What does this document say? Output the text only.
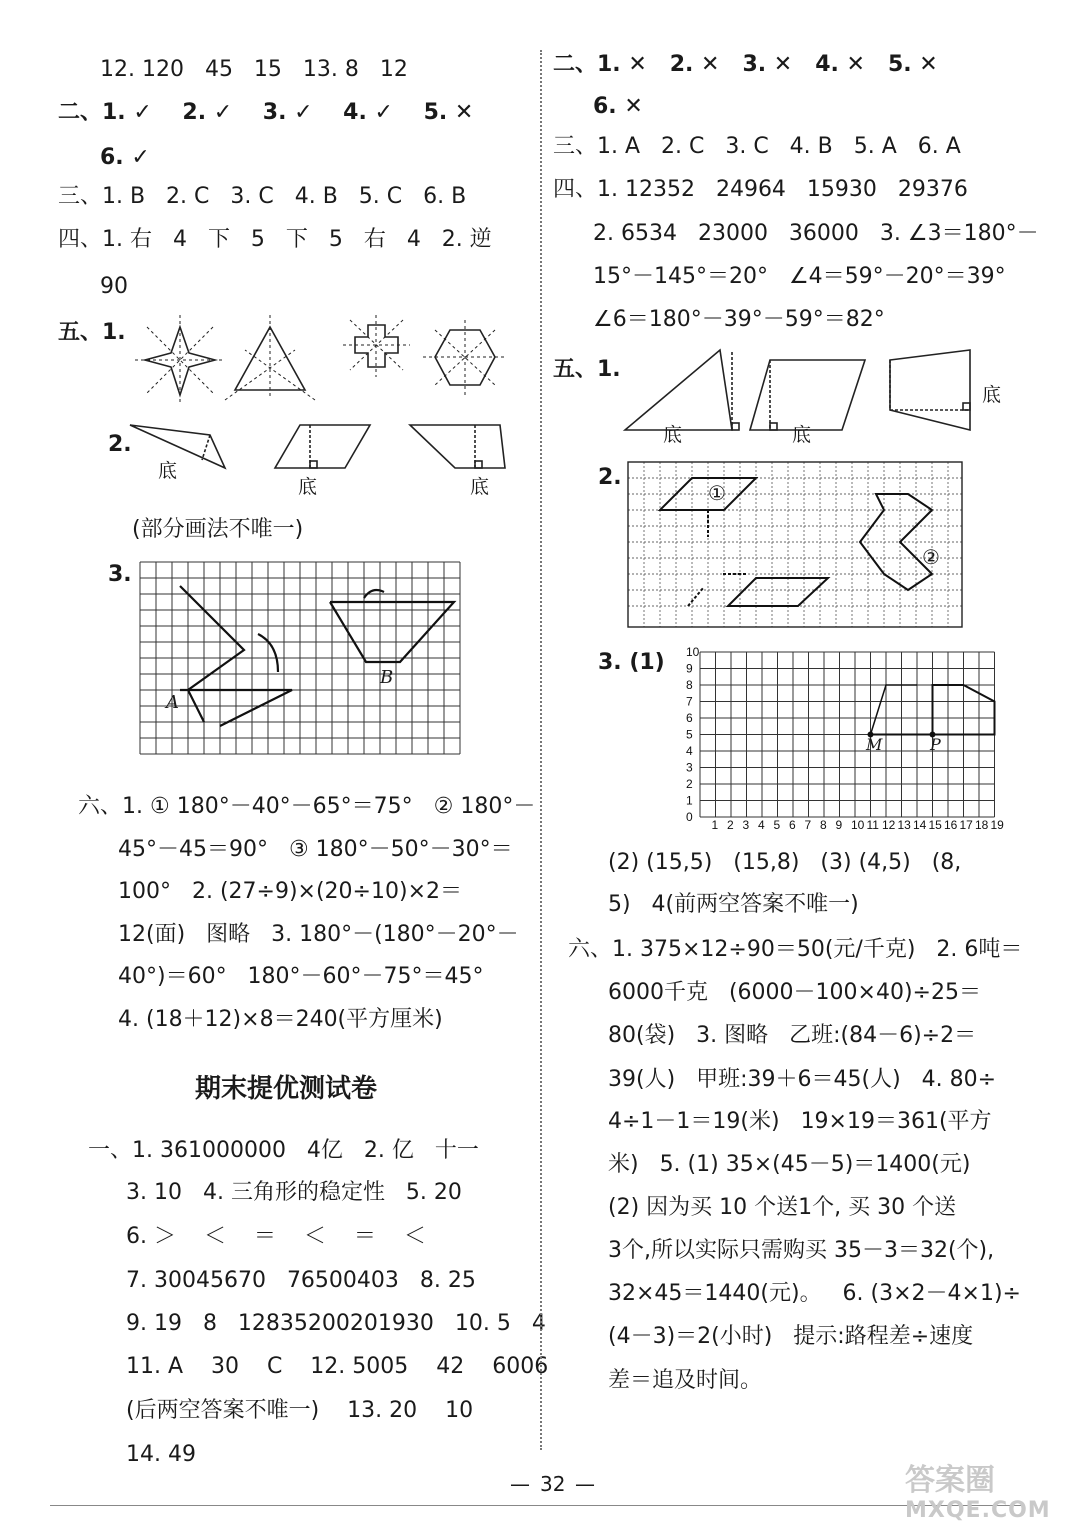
12. 120   45   15   13. 8   12
二、1. ✓    2. ✓    3. ✓    4. ✓    5. ✕
6. ✓
三、1. B   2. C   3. C   4. B   5. C   6. B
四、1. 右   4   下   5   下   5   右   4   2. 逆
90
五、1.
2.
底
底	底
(部分画法不唯一)
3.
A
B
六、1. ① 180°－40°－65°＝75°   ② 180°－
45°－45＝90°   ③ 180°－50°－30°＝
100°   2. (27÷9)×(20÷10)×2＝
12(面)   图略   3. 180°－(180°－20°－
40°)＝60°   180°－60°－75°＝45°
4. (18＋12)×8＝240(平方厘米)
期末提优测试卷
一、1. 361000000   4亿   2. 亿   十一
3. 10   4. 三角形的稳定性   5. 20
6. ＞    ＜    ＝    ＜    ＝    ＜
7. 30045670   76500403   8. 25
9. 19   8   12835200201930   10. 5   4
11. A    30    C    12. 5005    42    6006
(后两空答案不唯一)    13. 20    10
14. 49
二、1. ✕   2. ✕   3. ✕   4. ✕   5. ✕
6. ✕
三、1. A   2. C   3. C   4. B   5. A   6. A
四、1. 12352   24964   15930   29376
2. 6534   23000   36000   3. ∠3＝180°－
15°－145°＝20°   ∠4＝59°－20°＝39°
∠6＝180°－39°－59°＝82°
五、1.
底	底
底
2.
①
②
3. (1)
0
1
2
3
4
5
6
7
8
9
10
1 2 3 4 5 6 7 8 9 10 11 12 13 14 15 16 17 18 19
M	P
(2) (15,5)   (15,8)   (3) (4,5)   (8,
5)   4(前两空答案不唯一)
六、1. 375×12÷90＝50(元/千克)   2. 6吨＝
6000千克   (6000－100×40)÷25＝
80(袋)   3. 图略   乙班:(84－6)÷2＝
39(人)   甲班:39＋6＝45(人)   4. 80÷
4÷1－1＝19(米)   19×19＝361(平方
米)   5. (1) 35×(45－5)＝1400(元)
(2) 因为买 10 个送1个, 买 30 个送
3个,所以实际只需购买 35－3＝32(个),
32×45＝1440(元)。   6. (3×2－4×1)÷
(4－3)＝2(小时)   提示:路程差÷速度
差＝追及时间。
— 32 —	答案圈
MXQE.COM
